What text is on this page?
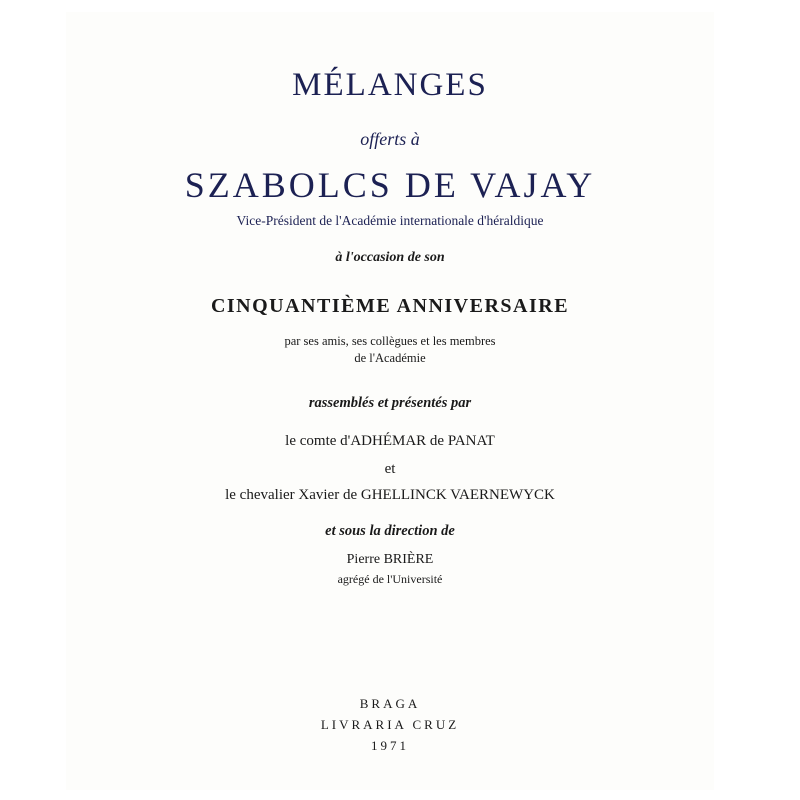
MÉLANGES
offerts à
SZABOLCS DE VAJAY
Vice-Président de l'Académie internationale d'héraldique
à l'occasion de son
CINQUANTIÈME ANNIVERSAIRE
par ses amis, ses collègues et les membres
de l'Académie
rassemblés et présentés par
le comte d'ADHÉMAR de PANAT
et
le chevalier Xavier de GHELLINCK VAERNEWYCK
et sous la direction de
Pierre BRIÈRE
agrégé de l'Université
BRAGA
LIVRARIA CRUZ
1971
